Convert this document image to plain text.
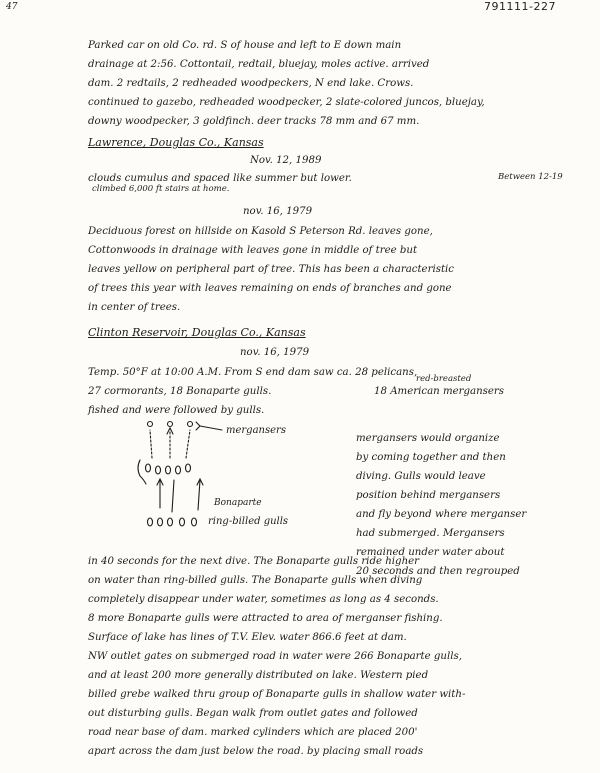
47	791111-227
Parked car on old Co. rd. S of house and left to E down main
drainage at 2:56. Cottontail, redtail, bluejay, moles active. arrived
dam. 2 redtails, 2 redheaded woodpeckers, N end lake. Crows.
continued to gazebo, redheaded woodpecker, 2 slate-colored juncos, bluejay,
downy woodpecker, 3 goldfinch. deer tracks 78 mm and 67 mm.
Lawrence, Douglas Co., Kansas
Nov. 12, 1989
clouds cumulus and spaced like summer but lower.	Between 12-19
climbed 6,000 ft stairs at home.
nov. 16, 1979
Deciduous forest on hillside on Kasold S Peterson Rd. leaves gone,
Cottonwoods in drainage with leaves gone in middle of tree but
leaves yellow on peripheral part of tree. This has been a characteristic
of trees this year with leaves remaining on ends of branches and gone
in center of trees.
Clinton Reservoir, Douglas Co., Kansas
nov. 16, 1979
Temp. 50°F at 10:00 A.M. From S end dam saw ca. 28 pelicans,
red-breasted
27 cormorants, 18 Bonaparte gulls.	18 American mergansers
fished and were followed by gulls.
mergansers would organize
by coming together and then
diving. Gulls would leave
position behind mergansers
and fly beyond where merganser
had submerged. Mergansers
remained under water about
20 seconds and then regrouped
mergansers
Bonaparte
ring-billed gulls
in 40 seconds for the next dive. The Bonaparte gulls ride higher
on water than ring-billed gulls. The Bonaparte gulls when diving
completely disappear under water, sometimes as long as 4 seconds.
8 more Bonaparte gulls were attracted to area of merganser fishing.
Surface of lake has lines of T.V. Elev. water 866.6 feet at dam.
NW outlet gates on submerged road in water were 266 Bonaparte gulls,
and at least 200 more generally distributed on lake. Western pied
billed grebe walked thru group of Bonaparte gulls in shallow water with-
out disturbing gulls. Began walk from outlet gates and followed
road near base of dam. marked cylinders which are placed 200'
apart across the dam just below the road. by placing small roads
